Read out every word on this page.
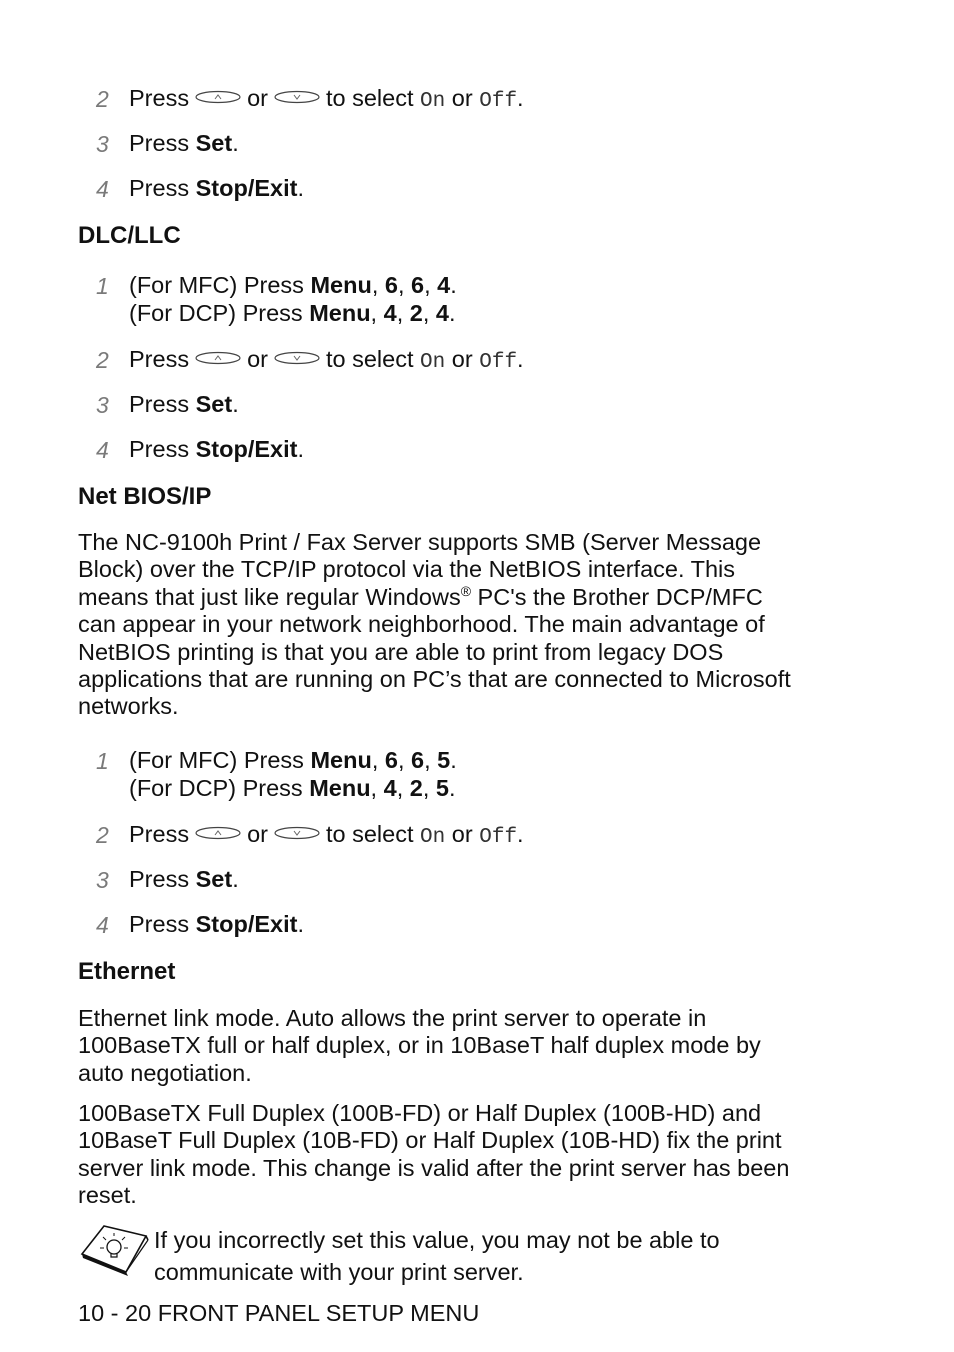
2 Press or to select On or Off.
3 Press Set.
4 Press Stop/Exit.
DLC/LLC
1 (For MFC) Press Menu, 6, 6, 4.
(For DCP) Press Menu, 4, 2, 4.
2 Press or to select On or Off.
3 Press Set.
4 Press Stop/Exit.
Net BIOS/IP

The NC-9100h Print / Fax Server supports SMB (Server Message

Block) over the TCP/IP protocol via the NetBIOS interface. This

means that just like regular Windows® PC's the Brother DCP/MFC

can appear in your network neighborhood. The main advantage of

NetBIOS printing is that you are able to print from legacy DOS

applications that are running on PC’s that are connected to Microsoft

networks.

1 (For MFC) Press Menu, 6, 6, 5.
(For DCP) Press Menu, 4, 2, 5.
2 Press or to select On or Off.
3 Press Set.
4 Press Stop/Exit.
Ethernet

Ethernet link mode. Auto allows the print server to operate in

100BaseTX full or half duplex, or in 10BaseT half duplex mode by

auto negotiation.

100BaseTX Full Duplex (100B-FD) or Half Duplex (100B-HD) and

10BaseT Full Duplex (10B-FD) or Half Duplex (10B-HD) fix the print

server link mode. This change is valid after the print server has been

reset.

If you incorrectly set this value, you may not be able to

communicate with your print server.

10 - 20 FRONT PANEL SETUP MENU
